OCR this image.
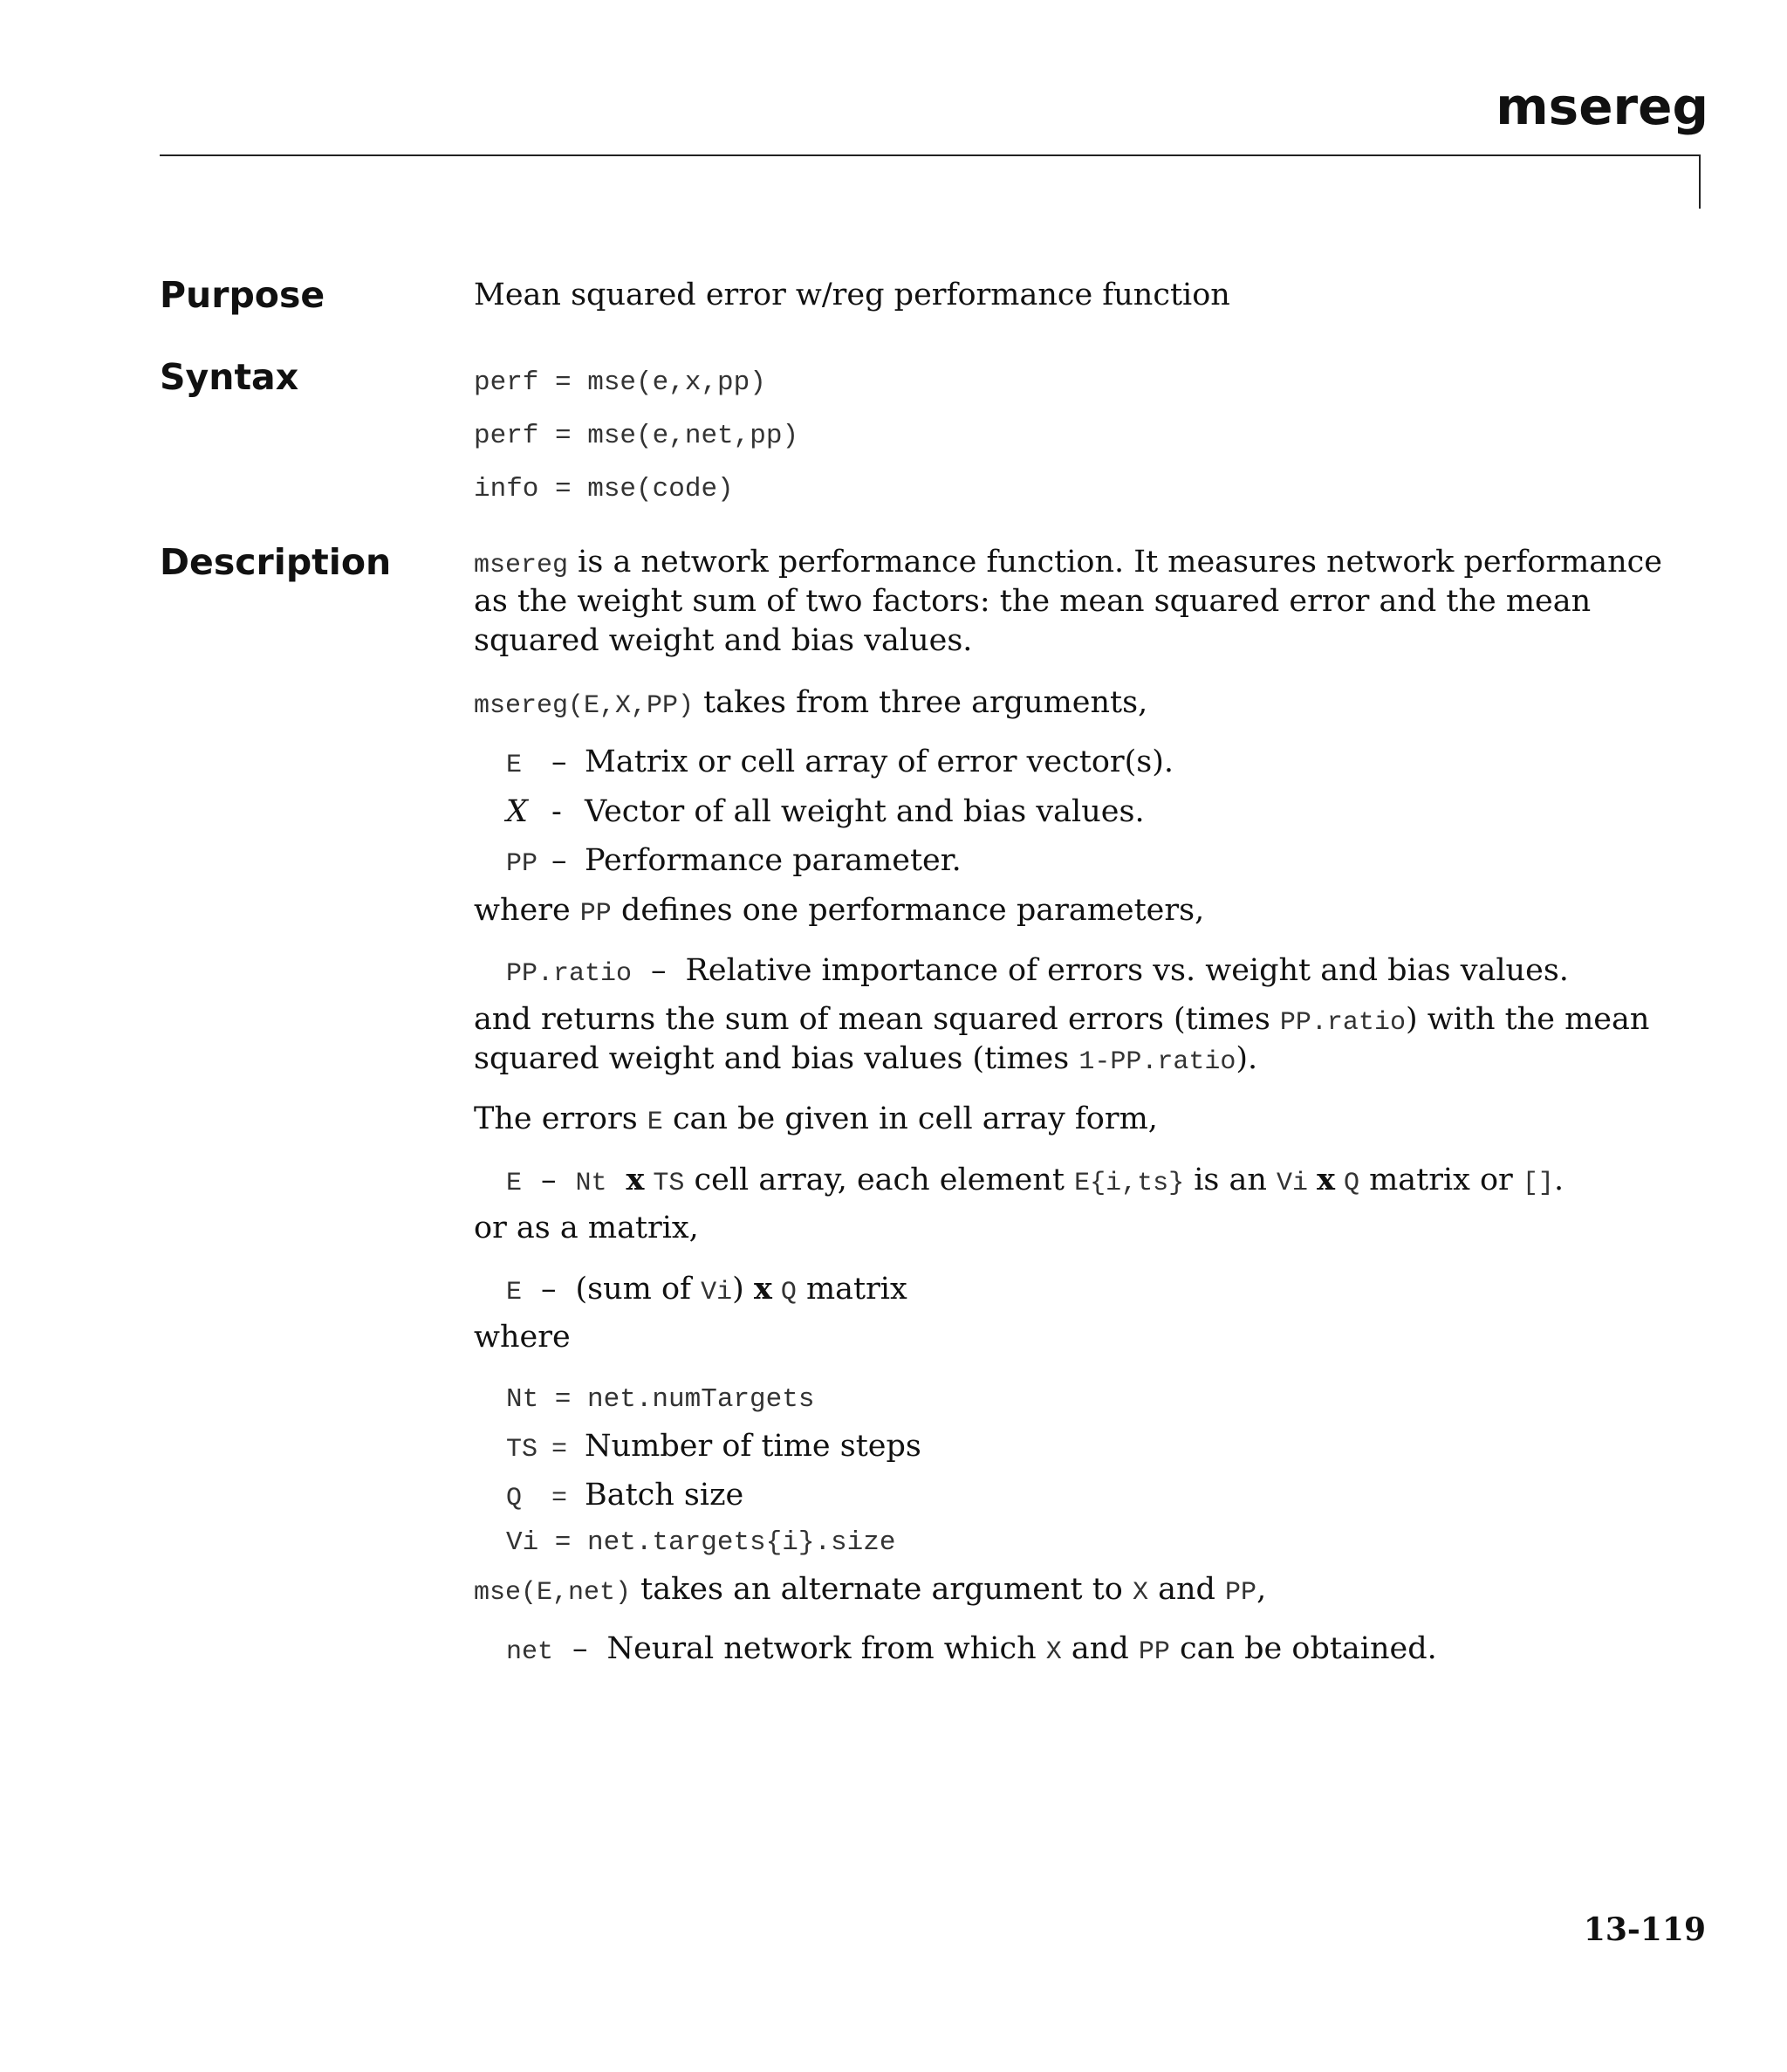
msereg
Purpose	Mean squared error w/reg performance function
Syntax	perf = mse(e,x,pp)
perf = mse(e,net,pp)
info = mse(code)
Description	msereg is a network performance function. It measures network performance
as the weight sum of two factors: the mean squared error and the mean
squared weight and bias values.
msereg(E,X,PP) takes from three arguments,
E – Matrix or cell array of error vector(s).
X - Vector of all weight and bias values.
PP – Performance parameter.
where PP defines one performance parameters,
PP.ratio – Relative importance of errors vs. weight and bias values.
and returns the sum of mean squared errors (times PP.ratio) with the mean
squared weight and bias values (times 1-PP.ratio).
The errors E can be given in cell array form,
E – Nt x TS cell array, each element E{i,ts} is an Vi x Q matrix or [].
or as a matrix,
E – (sum of Vi) x Q matrix
where
Nt = net.numTargets
TS = Number of time steps
Q = Batch size
Vi = net.targets{i}.size
mse(E,net) takes an alternate argument to X and PP,
net – Neural network from which X and PP can be obtained.
13-119
